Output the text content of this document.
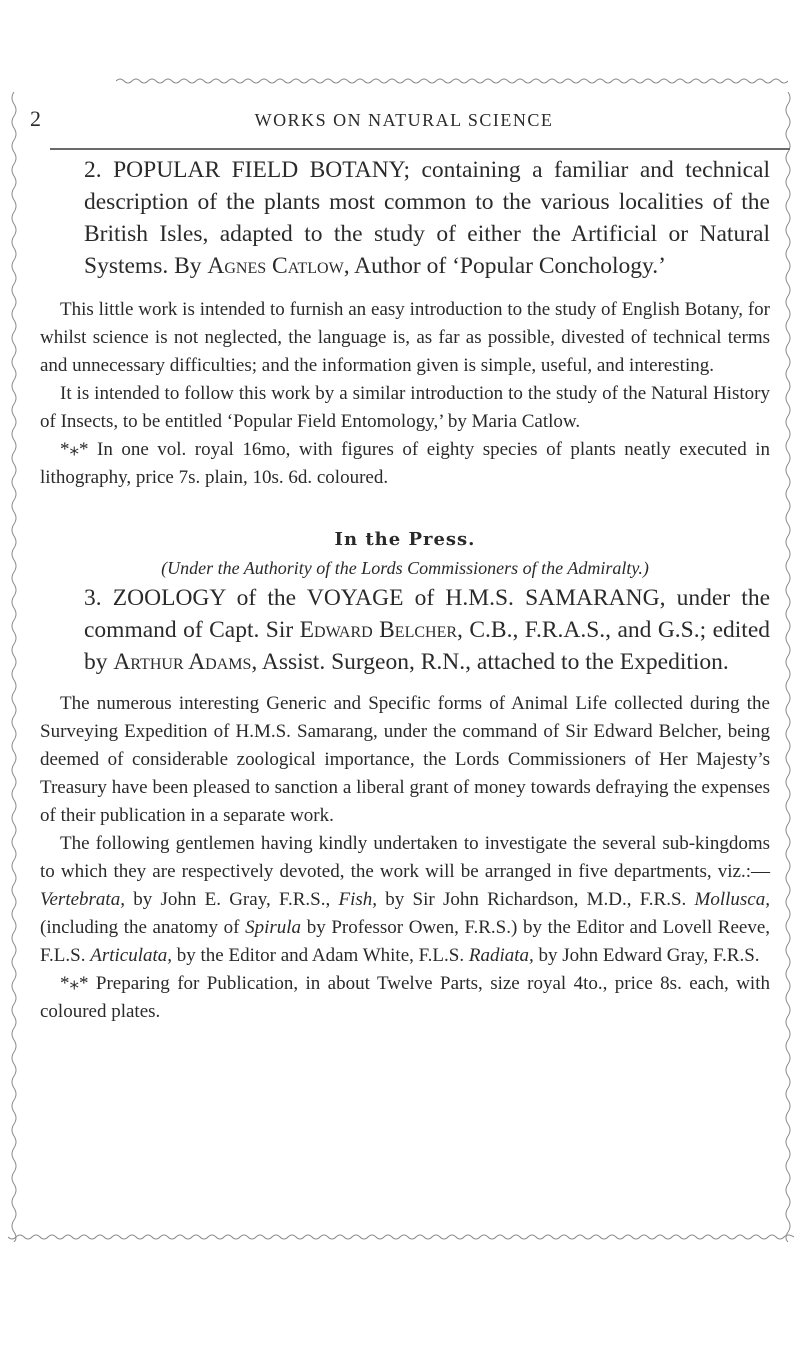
2	WORKS ON NATURAL SCIENCE
2. POPULAR FIELD BOTANY; containing a familiar and technical description of the plants most common to the various localities of the British Isles, adapted to the study of either the Artificial or Natural Systems. By Agnes Catlow, Author of ‘Popular Conchology.’

This little work is intended to furnish an easy introduction to the study of English Botany, for whilst science is not neglected, the language is, as far as possible, divested of technical terms and unnecessary difficulties; and the information given is simple, useful, and interesting.

It is intended to follow this work by a similar introduction to the study of the Natural History of Insects, to be entitled ‘Popular Field Entomology,’ by Maria Catlow.

*⁎* In one vol. royal 16mo, with figures of eighty species of plants neatly executed in lithography, price 7s. plain, 10s. 6d. coloured.

In the Press.

(Under the Authority of the Lords Commissioners of the Admiralty.)

3. ZOOLOGY of the VOYAGE of H.M.S. SAMARANG, under the command of Capt. Sir Edward Belcher, C.B., F.R.A.S., and G.S.; edited by Arthur Adams, Assist. Surgeon, R.N., attached to the Expedition.

The numerous interesting Generic and Specific forms of Animal Life collected during the Surveying Expedition of H.M.S. Samarang, under the command of Sir Edward Belcher, being deemed of considerable zoological importance, the Lords Commissioners of Her Majesty’s Treasury have been pleased to sanction a liberal grant of money towards defraying the expenses of their publication in a separate work.

The following gentlemen having kindly undertaken to investigate the several sub-kingdoms to which they are respectively devoted, the work will be arranged in five departments, viz.:—Vertebrata, by John E. Gray, F.R.S., Fish, by Sir John Richardson, M.D., F.R.S. Mollusca, (including the anatomy of Spirula by Professor Owen, F.R.S.) by the Editor and Lovell Reeve, F.L.S. Articulata, by the Editor and Adam White, F.L.S. Radiata, by John Edward Gray, F.R.S.

*⁎* Preparing for Publication, in about Twelve Parts, size royal 4to., price 8s. each, with coloured plates.
